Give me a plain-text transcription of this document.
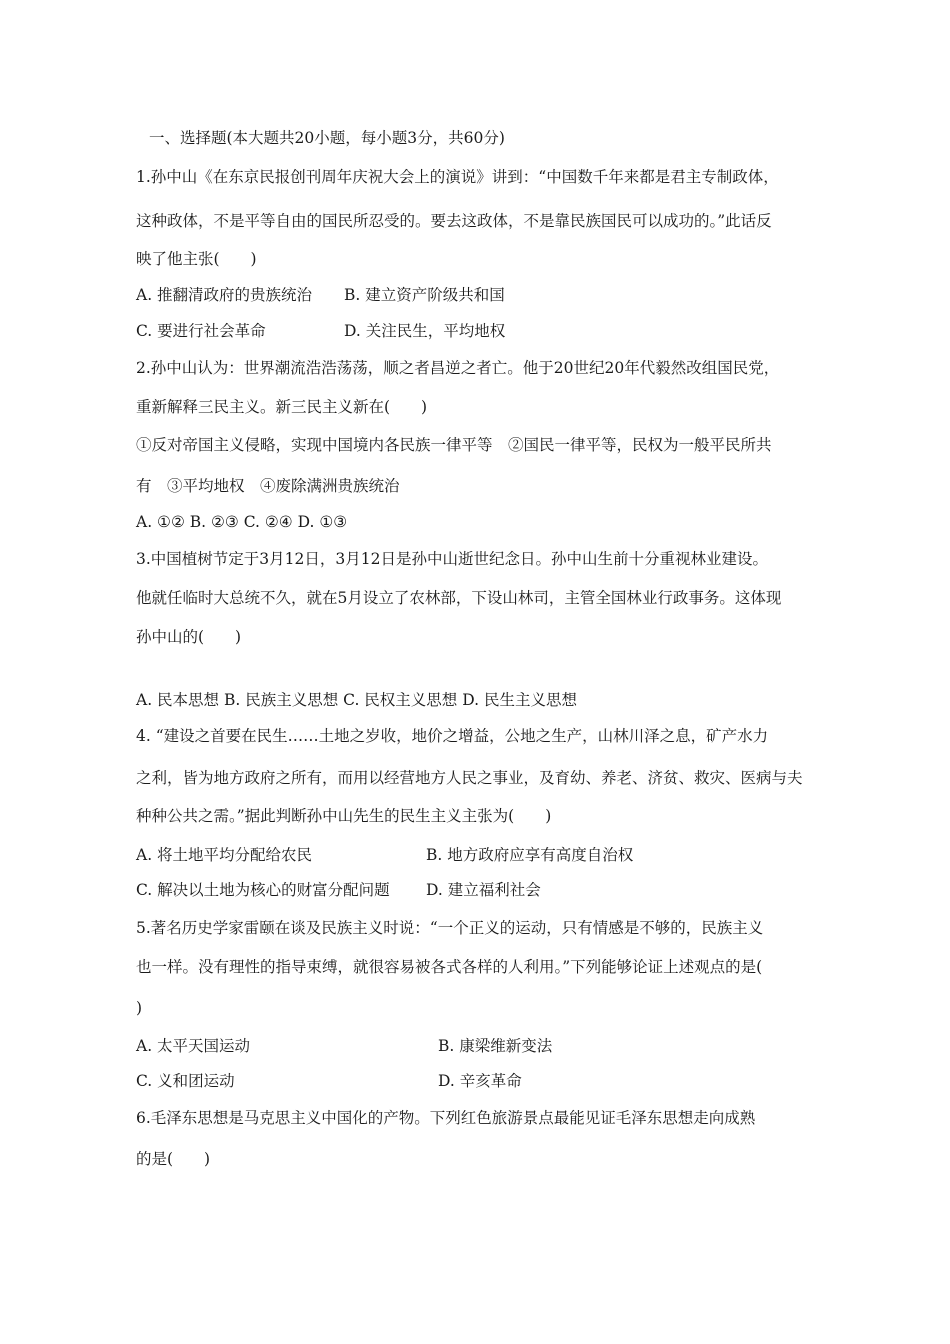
一、选择题(本大题共20小题，每小题3分，共60分)
1.孙中山《在东京民报创刊周年庆祝大会上的演说》讲到：“中国数千年来都是君主专制政体，
这种政体，不是平等自由的国民所忍受的。要去这政体，不是靠民族国民可以成功的。”此话反
映了他主张(　　)
A. 推翻清政府的贵族统治 B. 建立资产阶级共和国
C. 要进行社会革命	D. 关注民生，平均地权
2.孙中山认为：世界潮流浩浩荡荡，顺之者昌逆之者亡。他于20世纪20年代毅然改组国民党，
重新解释三民主义。新三民主义新在(　　)
①反对帝国主义侵略，实现中国境内各民族一律平等　②国民一律平等，民权为一般平民所共
有　③平均地权　④废除满洲贵族统治
A. ①② B. ②③ C. ②④ D. ①③
3.中国植树节定于3月12日，3月12日是孙中山逝世纪念日。孙中山生前十分重视林业建设。
他就任临时大总统不久，就在5月设立了农林部，下设山林司，主管全国林业行政事务。这体现
孙中山的(　　)
A. 民本思想 B. 民族主义思想 C. 民权主义思想 D. 民生主义思想
4. “建设之首要在民生……土地之岁收，地价之增益，公地之生产，山林川泽之息，矿产水力
之利，皆为地方政府之所有，而用以经营地方人民之事业，及育幼、养老、济贫、救灾、医病与夫
种种公共之需。”据此判断孙中山先生的民生主义主张为(　　)
A. 将土地平均分配给农民	B. 地方政府应享有高度自治权
C. 解决以土地为核心的财富分配问题 D. 建立福利社会
5.著名历史学家雷颐在谈及民族主义时说：“一个正义的运动，只有情感是不够的，民族主义
也一样。没有理性的指导束缚，就很容易被各式各样的人利用。”下列能够论证上述观点的是(
)
A. 太平天国运动	B. 康梁维新变法
C. 义和团运动	D. 辛亥革命
6.毛泽东思想是马克思主义中国化的产物。下列红色旅游景点最能见证毛泽东思想走向成熟
的是(　　)
